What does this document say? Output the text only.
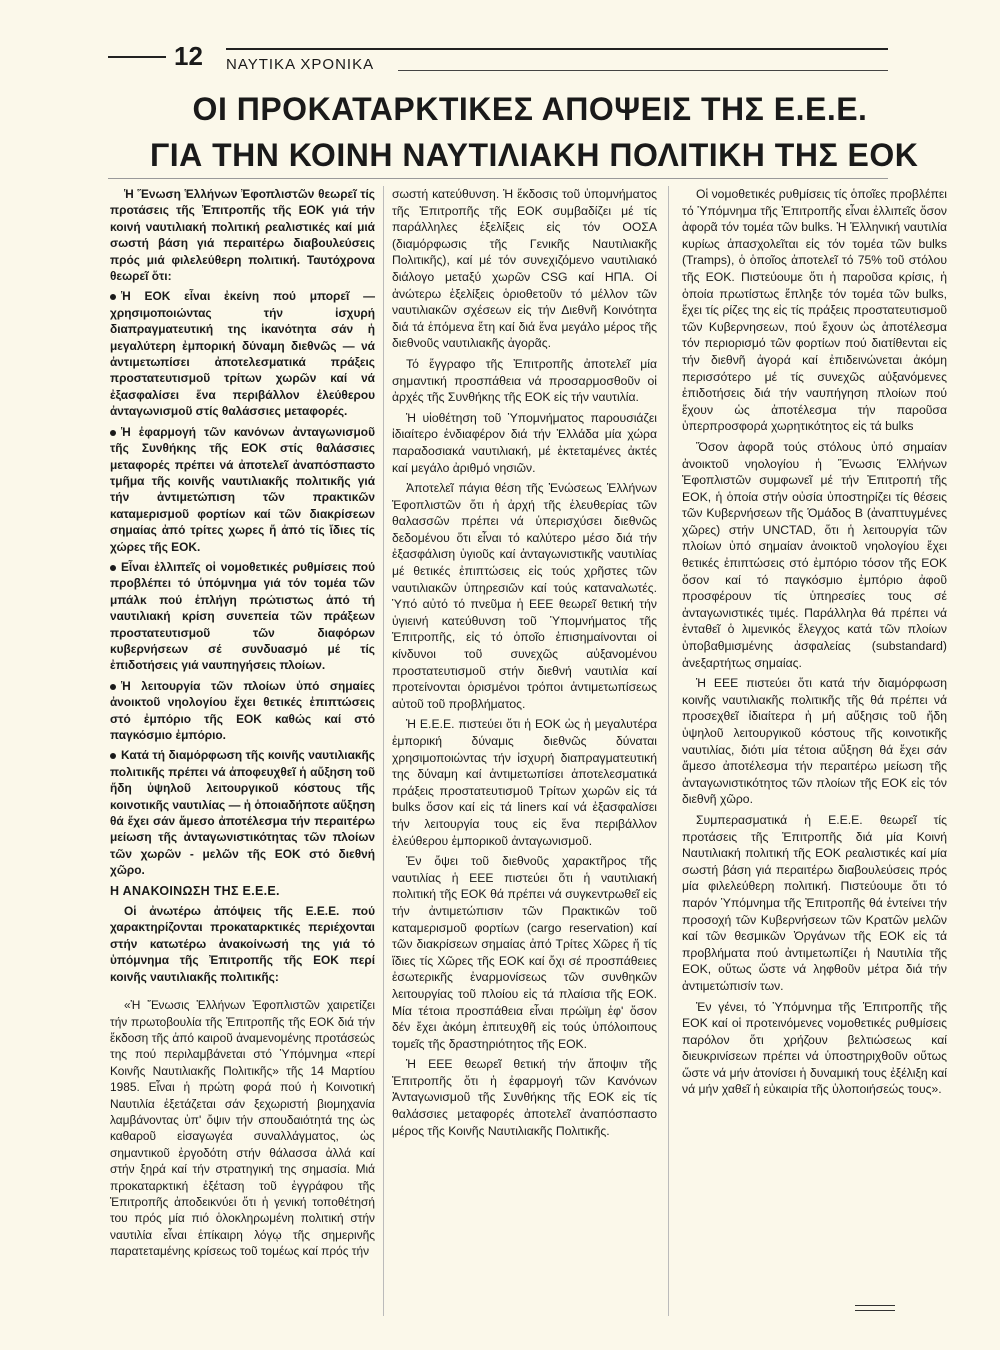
12 ΝΑΥΤΙΚΑ ΧΡΟΝΙΚΑ
ΟΙ ΠΡΟΚΑΤΑΡΚΤΙΚΕΣ ΑΠΟΨΕΙΣ ΤΗΣ Ε.Ε.Ε.
ΓΙΑ ΤΗΝ ΚΟΙΝΗ ΝΑΥΤΙΛΙΑΚΗ ΠΟΛΙΤΙΚΗ ΤΗΣ ΕΟΚ

Ἡ Ἕνωση Ἑλλήνων Ἐφοπλιστῶν θεωρεῖ τίς προτάσεις τῆς Ἐπιτροπῆς τῆς ΕΟΚ γιά τήν κοινή ναυτιλιακή πολιτική ρεαλιστικές καί μιά σωστή βάση γιά περαιτέρω διαβουλεύσεις πρός μιά φιλελεύθερη πολιτική. Ταυτόχρονα θεωρεῖ ὅτι:

Ἡ ΕΟΚ εἶναι ἐκείνη πού μπορεῖ — χρησιμοποιώντας τήν ἰσχυρή διαπραγματευτική της ἱκανότητα σάν ἡ μεγαλύτερη ἐμπορική δύναμη διεθνῶς — νά ἀντιμετωπίσει ἀποτελεσματικά πράξεις προστατευτισμοῦ τρίτων χωρῶν καί νά ἐξασφαλίσει ἕνα περιβάλλον ἐλεύθερου ἀνταγωνισμοῦ στίς θαλάσσιες μεταφορές.

Ἡ ἐφαρμογή τῶν κανόνων ἀνταγωνισμοῦ τῆς Συνθήκης τῆς ΕΟΚ στίς θαλάσσιες μεταφορές πρέπει νά ἀποτελεῖ ἀναπόσπαστο τμῆμα τῆς κοινῆς ναυτιλιακῆς πολιτικῆς γιά τήν ἀντιμετώπιση τῶν πρακτικῶν καταμερισμοῦ φορτίων καί τῶν διακρίσεων σημαίας ἀπό τρίτες χωρες ἤ ἀπό τίς ἴδιες τίς χώρες τῆς ΕΟΚ.

Εἶναι ἐλλιπεῖς οἱ νομοθετικές ρυθμίσεις πού προβλέπει τό ὑπόμνημα γιά τόν τομέα τῶν μπάλκ πού ἐπλήγη πρώτιστως ἀπό τή ναυτιλιακή κρίση συνεπεία τῶν πράξεων προστατευτισμοῦ τῶν διαφόρων κυβερνήσεων σέ συνδυασμό μέ τίς ἐπιδοτήσεις γιά ναυπηγήσεις πλοίων.

Ἡ λειτουργία τῶν πλοίων ὑπό σημαίες ἀνοικτοῦ νηολογίου ἔχει θετικές ἐπιπτώσεις στό ἐμπόριο τῆς ΕΟΚ καθώς καί στό παγκόσμιο ἐμπόριο.

Κατά τή διαμόρφωση τῆς κοινῆς ναυτιλιακῆς πολιτικῆς πρέπει νά ἀποφευχθεῖ ἡ αὔξηση τοῦ ἤδη ὑψηλοῦ λειτουργικοῦ κόστους τῆς κοινοτικῆς ναυτιλίας — ἡ ὁποιαδήποτε αὔξηση θά ἔχει σάν ἄμεσο ἀποτέλεσμα τήν περαιτέρω μείωση τῆς ἀνταγωνιστικότητας τῶν πλοίων τῶν χωρῶν - μελῶν τῆς ΕΟΚ στό διεθνή χῶρο.

Η ΑΝΑΚΟΙΝΩΣΗ ΤΗΣ Ε.Ε.Ε.

Οἱ ἀνωτέρω ἀπόψεις τῆς Ε.Ε.Ε. πού χαρακτηρίζονται προκαταρκτικές περιέχονται στήν κατωτέρω ἀνακοίνωσή της γιά τό ὑπόμνημα τῆς Ἐπιτροπῆς τῆς ΕΟΚ περί κοινῆς ναυτιλιακῆς πολιτικῆς:

«Ἡ Ἕνωσις Ἑλλήνων Ἐφοπλιστῶν χαιρετίζει τήν πρωτοβουλία τῆς Ἐπιτροπῆς τῆς ΕΟΚ διά τήν ἔκδοση τῆς ἀπό καιροῦ ἀναμενομένης προτάσεώς της πού περιλαμβάνεται στό Ὑπόμνημα «περί Κοινῆς Ναυτιλιακῆς Πολιτικῆς» τῆς 14 Μαρτίου 1985. Εἶναι ἡ πρώτη φορά πού ἡ Κοινοτική Ναυτιλία ἐξετάζεται σάν ξεχωριστή βιομηχανία λαμβάνοντας ὑπ' ὄψιν τήν σπουδαιότητά της ὡς καθαροῦ εἰσαγωγέα συναλλάγματος, ὡς σημαντικοῦ ἐργοδότη στήν θάλασσα ἀλλά καί στήν ξηρά καί τήν στρατηγική της σημασία. Μιά προκαταρκτική ἐξέταση τοῦ ἐγγράφου τῆς Ἐπιτροπῆς ἀποδεικνύει ὅτι ἡ γενική τοποθέτησή του πρός μία πιό ὁλοκληρωμένη πολιτική στήν ναυτιλία εἶναι ἐπίκαιρη λόγῳ τῆς σημερινῆς παρατεταμένης κρίσεως τοῦ τομέως καί πρός τήν

σωστή κατεύθυνση. Ἡ ἔκδοσις τοῦ ὑπομνήματος τῆς Ἐπιτροπῆς τῆς ΕΟΚ συμβαδίζει μέ τίς παράλληλες ἐξελίξεις εἰς τόν ΟΟΣΑ (διαμόρφωσις τῆς Γενικῆς Ναυτιλιακῆς Πολιτικῆς), καί μέ τόν συνεχιζόμενο ναυτιλιακό διάλογο μεταξύ χωρῶν CSG καί ΗΠΑ. Οἱ ἀνώτερω ἐξελίξεις ὁριοθετοῦν τό μέλλον τῶν ναυτιλιακῶν σχέσεων εἰς τήν Διεθνῆ Κοινότητα διά τά ἑπόμενα ἔτη καί διά ἕνα μεγάλο μέρος τῆς διεθνοῦς ναυτιλιακῆς ἀγορᾶς.

Τό ἔγγραφο τῆς Ἐπιτροπῆς ἀποτελεῖ μία σημαντική προσπάθεια νά προσαρμοσθοῦν οἱ ἀρχές τῆς Συνθήκης τῆς ΕΟΚ εἰς τήν ναυτιλία.

Ἡ υἱοθέτηση τοῦ Ὑπομνήματος παρουσιάζει ἰδιαίτερο ἐνδιαφέρον διά τήν Ἑλλάδα μία χώρα παραδοσιακά ναυτιλιακή, μέ ἐκτεταμένες ἀκτές καί μεγάλο ἀριθμό νησιῶν.

Ἀποτελεῖ πάγια θέση τῆς Ἑνώσεως Ἑλλήνων Ἐφοπλιστῶν ὅτι ἡ ἀρχή τῆς ἐλευθερίας τῶν θαλασσῶν πρέπει νά ὑπερισχύσει διεθνῶς δεδομένου ὅτι εἶναι τό καλύτερο μέσο διά τήν ἐξασφάλιση ὑγιοῦς καί ἀνταγωνιστικῆς ναυτιλίας μέ θετικές ἐπιπτώσεις εἰς τούς χρῆστες τῶν ναυτιλιακῶν ὑπηρεσιῶν καί τούς καταναλωτές. Ὑπό αὐτό τό πνεῦμα ἡ ΕΕΕ θεωρεῖ θετική τήν ὑγιεινή κατεύθυνση τοῦ Ὑπομνήματος τῆς Ἐπιτροπῆς, εἰς τό ὁποῖο ἐπισημαίνονται οἱ κίνδυνοι τοῦ συνεχῶς αὐξανομένου προστατευτισμοῦ στήν διεθνή ναυτιλία καί προτείνονται ὁρισμένοι τρόποι ἀντιμετωπίσεως αὐτοῦ τοῦ προβλήματος.

Ἡ Ε.Ε.Ε. πιστεύει ὅτι ἡ ΕΟΚ ὡς ἡ μεγαλυτέρα ἐμπορική δύναμις διεθνῶς δύναται χρησιμοποιώντας τήν ἰσχυρή διαπραγματευτική της δύναμη καί ἀντιμετωπίσει ἀποτελεσματικά πράξεις προστατευτισμοῦ Τρίτων χωρῶν εἰς τά bulks ὅσον καί εἰς τά liners καί νά ἐξασφαλίσει τήν λειτουργία τους εἰς ἕνα περιβάλλον ἐλεύθερου ἐμπορικοῦ ἀνταγωνισμοῦ.

Ἐν ὄψει τοῦ διεθνοῦς χαρακτῆρος τῆς ναυτιλίας ἡ ΕΕΕ πιστεύει ὅτι ἡ ναυτιλιακή πολιτική τῆς ΕΟΚ θά πρέπει νά συγκεντρωθεῖ εἰς τήν ἀντιμετώπισιν τῶν Πρακτικῶν τοῦ καταμερισμοῦ φορτίων (cargo reservation) καί τῶν διακρίσεων σημαίας ἀπό Τρίτες Χῶρες ἤ τίς ἴδιες τίς Χῶρες τῆς ΕΟΚ καί ὄχι σέ προσπάθειες ἐσωτερικῆς ἐναρμονίσεως τῶν συνθηκῶν λειτουργίας τοῦ πλοίου εἰς τά πλαίσια τῆς ΕΟΚ. Μία τέτοια προσπάθεια εἶναι πρώϊμη ἐφ' ὅσον δέν ἔχει ἀκόμη ἐπιτευχθῆ εἰς τούς ὑπόλοιπους τομεῖς τῆς δραστηριότητος τῆς ΕΟΚ.

Ἡ ΕΕΕ θεωρεῖ θετική τήν ἄποψιν τῆς Ἐπιτροπῆς ὅτι ἡ ἐφαρμογή τῶν Κανόνων Ἀνταγωνισμοῦ τῆς Συνθήκης τῆς ΕΟΚ εἰς τίς θαλάσσιες μεταφορές ἀποτελεῖ ἀναπόσπαστο μέρος τῆς Κοινῆς Ναυτιλιακῆς Πολιτικῆς.

Οἱ νομοθετικές ρυθμίσεις τίς ὁποῖες προβλέπει τό Ὑπόμνημα τῆς Ἐπιτροπῆς εἶναι ἐλλιπεῖς ὅσον ἀφορᾶ τόν τομέα τῶν bulks. Ἡ Ἑλληνική ναυτιλία κυρίως ἀπασχολεῖται εἰς τόν τομέα τῶν bulks (Tramps), ὁ ὁποῖος ἀποτελεῖ τό 75% τοῦ στόλου τῆς ΕΟΚ. Πιστεύουμε ὅτι ἡ παροῦσα κρίσις, ἡ ὁποία πρωτίστως ἔπληξε τόν τομέα τῶν bulks, ἔχει τίς ρίζες της εἰς τίς πράξεις προστατευτισμοῦ τῶν Κυβερνησεων, πού ἔχουν ὡς ἀποτέλεσμα τόν περιορισμό τῶν φορτίων πού διατίθενται εἰς τήν διεθνῆ ἀγορά καί ἐπιδεινώνεται ἀκόμη περισσότερο μέ τίς συνεχῶς αὐξανόμενες ἐπιδοτήσεις διά τήν ναυπήγηση πλοίων πού ἔχουν ὡς ἀποτέλεσμα τήν παροῦσα ὑπερπροσφορά χωρητικότητος εἰς τά bulks

Ὅσον ἀφορᾶ τούς στόλους ὑπό σημαίαν ἀνοικτοῦ νηολογίου ἡ Ἕνωσις Ἑλλήνων Ἐφοπλιστῶν συμφωνεῖ μέ τήν Ἐπιτροπή τῆς ΕΟΚ, ἡ ὁποία στήν οὐσία ὑποστηρίζει τίς θέσεις τῶν Κυβερνήσεων τῆς Ὁμάδος Β (ἀναπτυγμένες χῶρες) στήν UNCTAD, ὅτι ἡ λειτουργία τῶν πλοίων ὑπό σημαίαν ἀνοικτοῦ νηολογίου ἔχει θετικές ἐπιπτώσεις στό ἐμπόριο τόσον τῆς ΕΟΚ ὅσον καί τό παγκόσμιο ἐμπόριο ἀφοῦ προσφέρουν τίς ὑπηρεσίες τους σέ ἀνταγωνιστικές τιμές. Παράλληλα θά πρέπει νά ἐνταθεῖ ὁ λιμενικός ἔλεγχος κατά τῶν πλοίων ὑποβαθμισμένης ἀσφαλείας (substandard) ἀνεξαρτήτως σημαίας.

Ἡ ΕΕΕ πιστεύει ὅτι κατά τήν διαμόρφωση κοινῆς ναυτιλιακῆς πολιτικῆς τῆς θά πρέπει νά προσεχθεῖ ἰδιαίτερα ἡ μή αὔξησις τοῦ ἤδη ὑψηλοῦ λειτουργικοῦ κόστους τῆς κοινοτικῆς ναυτιλίας, διότι μία τέτοια αὔξηση θά ἔχει σάν ἄμεσο ἀποτέλεσμα τήν περαιτέρω μείωση τῆς ἀνταγωνιστικότητος τῶν πλοίων τῆς ΕΟΚ εἰς τόν διεθνῆ χῶρο.

Συμπερασματικά ἡ Ε.Ε.Ε. θεωρεῖ τίς προτάσεις τῆς Ἐπιτροπῆς διά μία Κοινή Ναυτιλιακή πολιτική τῆς ΕΟΚ ρεαλιστικές καί μία σωστή βάση γιά περαιτέρω διαβουλεύσεις πρός μία φιλελεύθερη πολιτική. Πιστεύουμε ὅτι τό παρόν Ὑπόμνημα τῆς Ἐπιτροπῆς θά ἐντείνει τήν προσοχή τῶν Κυβερνήσεων τῶν Κρατῶν μελῶν καί τῶν θεσμικῶν Ὀργάνων τῆς ΕΟΚ εἰς τά προβλήματα πού ἀντιμετωπίζει ἡ Ναυτιλία τῆς ΕΟΚ, οὕτως ὥστε νά ληφθοῦν μέτρα διά τήν ἀντιμετώπισίν των.

Ἐν γένει, τό Ὑπόμνημα τῆς Ἐπιτροπῆς τῆς ΕΟΚ καί οἱ προτεινόμενες νομοθετικές ρυθμίσεις παρόλον ὅτι χρήζουν βελτιώσεως καί διευκρινίσεων πρέπει νά ὑποστηριχθοῦν οὕτως ὥστε νά μήν ἀτονίσει ἡ δυναμική τους ἐξέλιξη καί νά μήν χαθεῖ ἡ εὐκαιρία τῆς ὑλοποιήσεώς τους».
